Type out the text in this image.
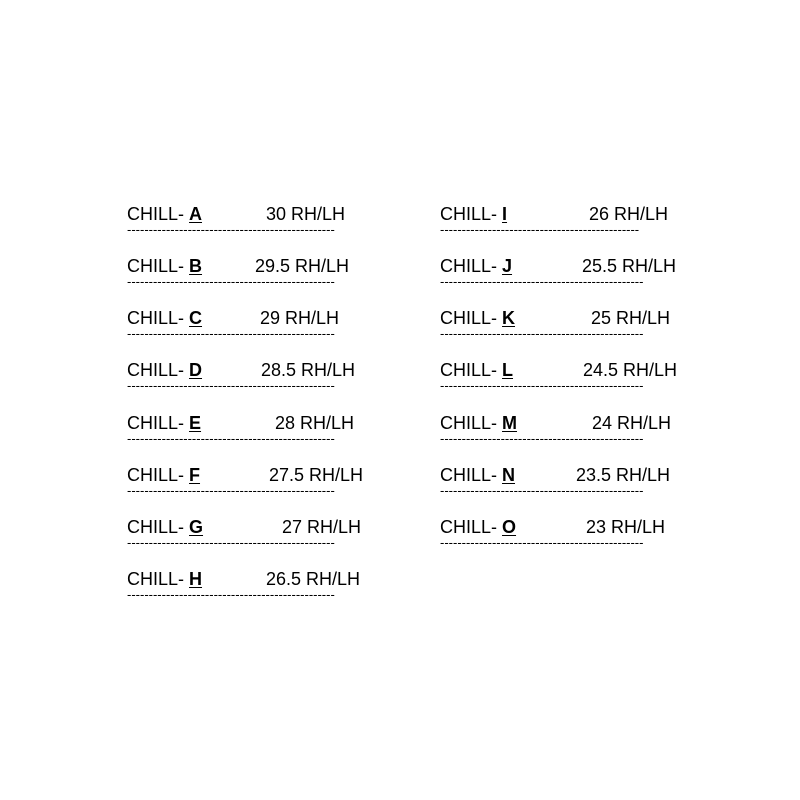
CHILL- A	30 RH/LH
------------------------------------------------
CHILL- B	29.5 RH/LH
------------------------------------------------
CHILL- C	29 RH/LH
------------------------------------------------
CHILL- D	28.5 RH/LH
------------------------------------------------
CHILL- E	28 RH/LH
------------------------------------------------
CHILL- F	27.5 RH/LH
------------------------------------------------
CHILL- G	27 RH/LH
------------------------------------------------
CHILL- H	26.5 RH/LH
------------------------------------------------
CHILL- I	26 RH/LH
----------------------------------------------
CHILL- J	25.5 RH/LH
-----------------------------------------------
CHILL- K	25 RH/LH
-----------------------------------------------
CHILL- L	24.5 RH/LH
-----------------------------------------------
CHILL- M	24 RH/LH
-----------------------------------------------
CHILL- N	23.5 RH/LH
-----------------------------------------------
CHILL- O	23 RH/LH
-----------------------------------------------
